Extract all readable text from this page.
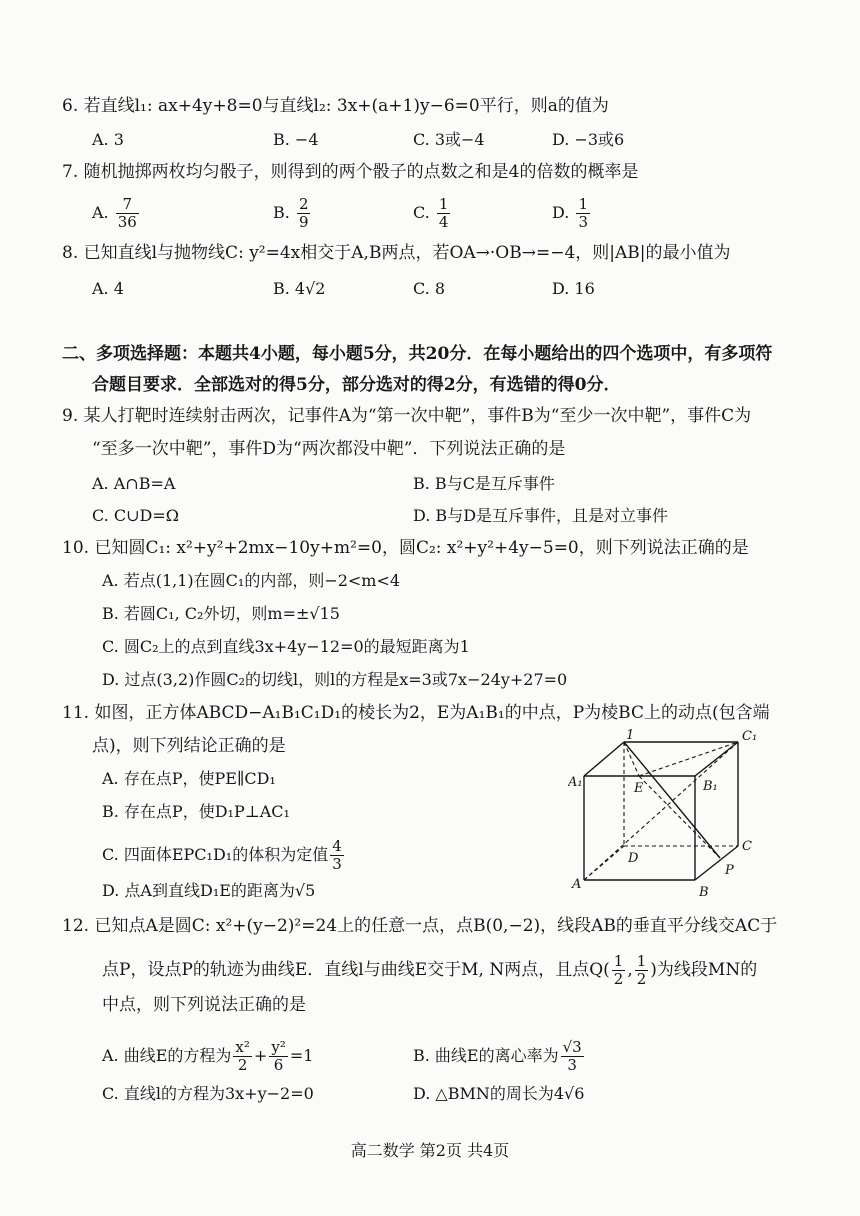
6. 若直线l₁: ax+4y+8=0与直线l₂: 3x+(a+1)y−6=0平行，则a的值为
A. 3	B. −4	C. 3或−4	D. −3或6
7. 随机抛掷两枚均匀骰子，则得到的两个骰子的点数之和是4的倍数的概率是
A. $\frac{7}{36}$	B. $\frac{2}{9}$	C. $\frac{1}{4}$	D. $\frac{1}{3}$
8. 已知直线l与抛物线C: y²=4x相交于A,B两点，若OA→·OB→=−4，则|AB|的最小值为
A. 4	B. 4√2	C. 8	D. 16
二、多项选择题：本题共4小题，每小题5分，共20分．在每小题给出的四个选项中，有多项符
合题目要求．全部选对的得5分，部分选对的得2分，有选错的得0分．
9. 某人打靶时连续射击两次，记事件A为“第一次中靶”，事件B为“至少一次中靶”，事件C为
“至多一次中靶”，事件D为“两次都没中靶”．下列说法正确的是
A. A∩B=A	B. B与C是互斥事件
C. C∪D=Ω	D. B与D是互斥事件，且是对立事件
10. 已知圆C₁: x²+y²+2mx−10y+m²=0，圆C₂: x²+y²+4y−5=0，则下列说法正确的是
A. 若点(1,1)在圆C₁的内部，则−2<m<4
B. 若圆C₁, C₂外切，则m=±√15
C. 圆C₂上的点到直线3x+4y−12=0的最短距离为1
D. 过点(3,2)作圆C₂的切线l，则l的方程是x=3或7x−24y+27=0
11. 如图，正方体ABCD−A₁B₁C₁D₁的棱长为2，E为A₁B₁的中点，P为棱BC上的动点(包含端
点)，则下列结论正确的是
A. 存在点P，使PE∥CD₁
B. 存在点P，使D₁P⊥AC₁
C. 四面体EPC₁D₁的体积为定值 $\frac{4}{3}$
D. 点A到直线D₁E的距离为√5
A₁	B₁
C₁
1
E
D
C
A
B
P
12. 已知点A是圆C: x²+(y−2)²=24上的任意一点，点B(0,−2)，线段AB的垂直平分线交AC于
点P，设点P的轨迹为曲线E．直线l与曲线E交于M, N两点，且点$Q( \frac{1}{2}$ , $\frac{1}{2}$ )为线段MN的
中点，则下列说法正确的是
A. 曲线E的方程为 $\frac{\text{x²}}{2} + \frac{\text{y²}}{6} =1$	B. 曲线E的离心率为 $\frac{√3}{3}$
C. 直线l的方程为3x+y−2=0	D. △BMN的周长为4√6
高二数学 第2页 共4页
